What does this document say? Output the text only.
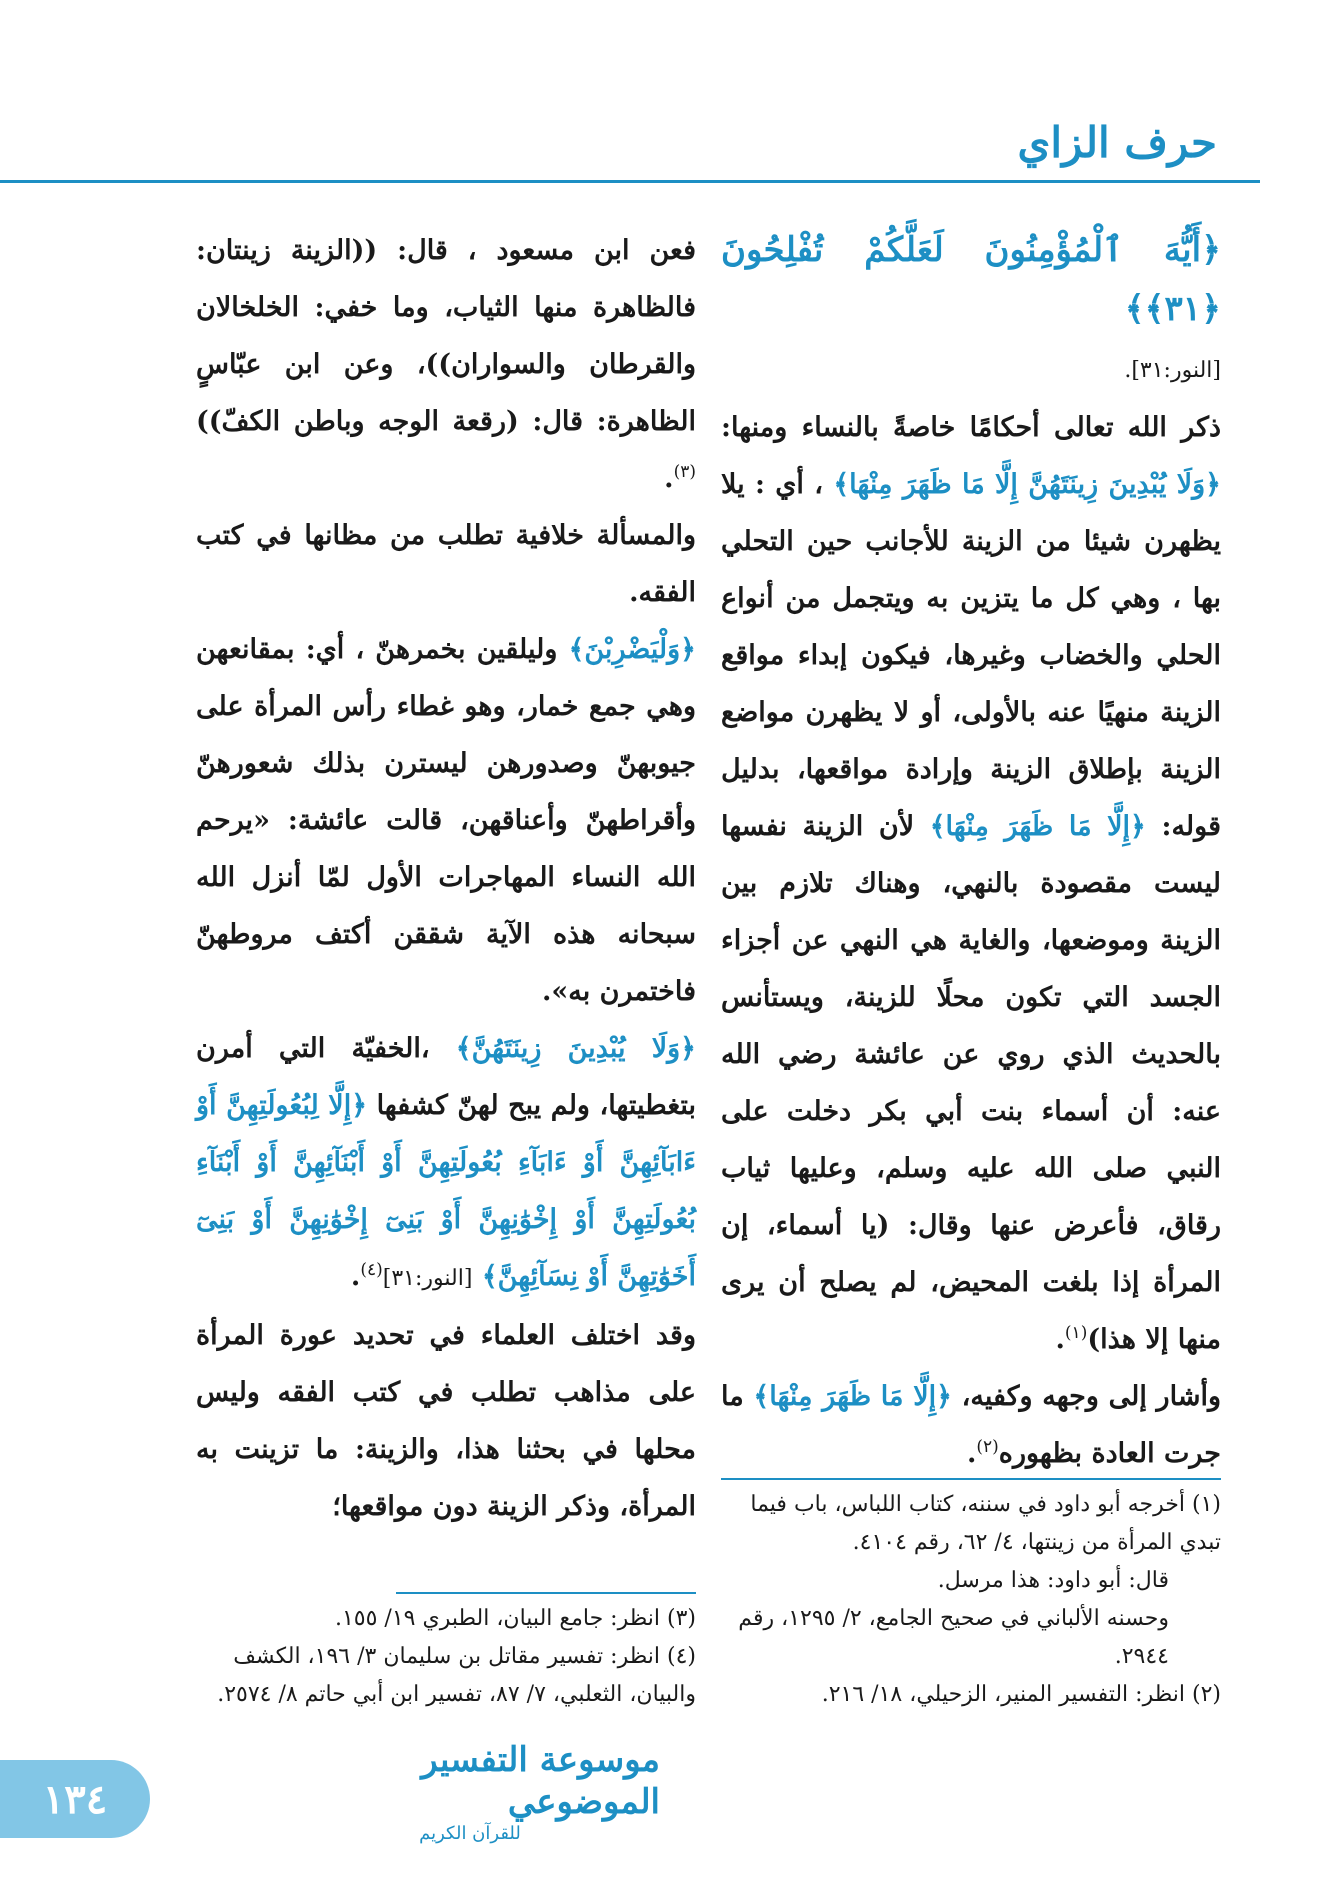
حرف الزاي

﴿أَيُّهَ ٱلْمُؤْمِنُونَ لَعَلَّكُمْ تُفْلِحُونَ ﴿٣١﴾﴾

[النور:٣١].

ذكر الله تعالى أحكامًا خاصةً بالنساء ومنها: ﴿وَلَا يُبْدِينَ زِينَتَهُنَّ إِلَّا مَا ظَهَرَ مِنْهَا﴾ ، أي : يلا يظهرن شيئا من الزينة للأجانب حين التحلي بها ، وهي كل ما يتزين به ويتجمل من أنواع الحلي والخضاب وغيرها، فيكون إبداء مواقع الزينة منهيًا عنه بالأولى، أو لا يظهرن مواضع الزينة بإطلاق الزينة وإرادة مواقعها، بدليل قوله: ﴿إِلَّا مَا ظَهَرَ مِنْهَا﴾ لأن الزينة نفسها ليست مقصودة بالنهي، وهناك تلازم بين الزينة وموضعها، والغاية هي النهي عن أجزاء الجسد التي تكون محلًا للزينة، ويستأنس بالحديث الذي روي عن عائشة رضي الله عنه: أن أسماء بنت أبي بكر دخلت على النبي صلى الله عليه وسلم، وعليها ثياب رقاق، فأعرض عنها وقال: (يا أسماء، إن المرأة إذا بلغت المحيض، لم يصلح أن يرى منها إلا هذا)$^{(١)}$.

وأشار إلى وجهه وكفيه، ﴿إِلَّا مَا ظَهَرَ مِنْهَا﴾ ما جرت العادة بظهوره$^{(٢)}$.

فعن ابن مسعود ، قال: ((الزينة زينتان: فالظاهرة منها الثياب، وما خفي: الخلخالان والقرطان والسواران))، وعن ابن عبّاسٍ الظاهرة: قال: (رقعة الوجه وباطن الكفّ))$^{(٣)}$.

والمسألة خلافية تطلب من مظانها في كتب الفقه.

﴿وَلْيَضْرِبْنَ﴾ وليلقين بخمرهنّ ، أي: بمقانعهن وهي جمع خمار، وهو غطاء رأس المرأة على جيوبهنّ وصدورهن ليسترن بذلك شعورهنّ وأقراطهنّ وأعناقهن، قالت عائشة: «يرحم الله النساء المهاجرات الأول لمّا أنزل الله سبحانه هذه الآية شققن أكتف مروطهنّ فاختمرن به».

﴿وَلَا يُبْدِينَ زِينَتَهُنَّ﴾ ،الخفيّة التي أمرن بتغطيتها، ولم يبح لهنّ كشفها ﴿إِلَّا لِبُعُولَتِهِنَّ أَوْ ءَابَآئِهِنَّ أَوْ ءَابَآءِ بُعُولَتِهِنَّ أَوْ أَبْنَآئِهِنَّ أَوْ أَبْنَآءِ بُعُولَتِهِنَّ أَوْ إِخْوَٰنِهِنَّ أَوْ بَنِىٓ إِخْوَٰنِهِنَّ أَوْ بَنِىٓ أَخَوَٰتِهِنَّ أَوْ نِسَآئِهِنَّ﴾ [النور:٣١]$^{(٤)}$.

وقد اختلف العلماء في تحديد عورة المرأة على مذاهب تطلب في كتب الفقه وليس محلها في بحثنا هذا، والزينة: ما تزينت به المرأة، وذكر الزينة دون مواقعها؛	(١) أخرجه أبو داود في سننه، كتاب اللباس، باب فيما تبدي المرأة من زينتها، ٤/ ٦٢، رقم ٤١٠٤.

قال: أبو داود: هذا مرسل.

وحسنه الألباني في صحيح الجامع، ٢/ ١٢٩٥، رقم ٢٩٤٤.

(٢) انظر: التفسير المنير، الزحيلي، ١٨/ ٢١٦.

(٣) انظر: جامع البيان، الطبري ١٩/ ١٥٥.

(٤) انظر: تفسير مقاتل بن سليمان ٣/ ١٩٦، الكشف والبيان، الثعلبي، ٧/ ٨٧، تفسير ابن أبي حاتم ٨/ ٢٥٧٤.

موسوعة التفسير الموضوعي
للقرآن الكريم
١٣٤
